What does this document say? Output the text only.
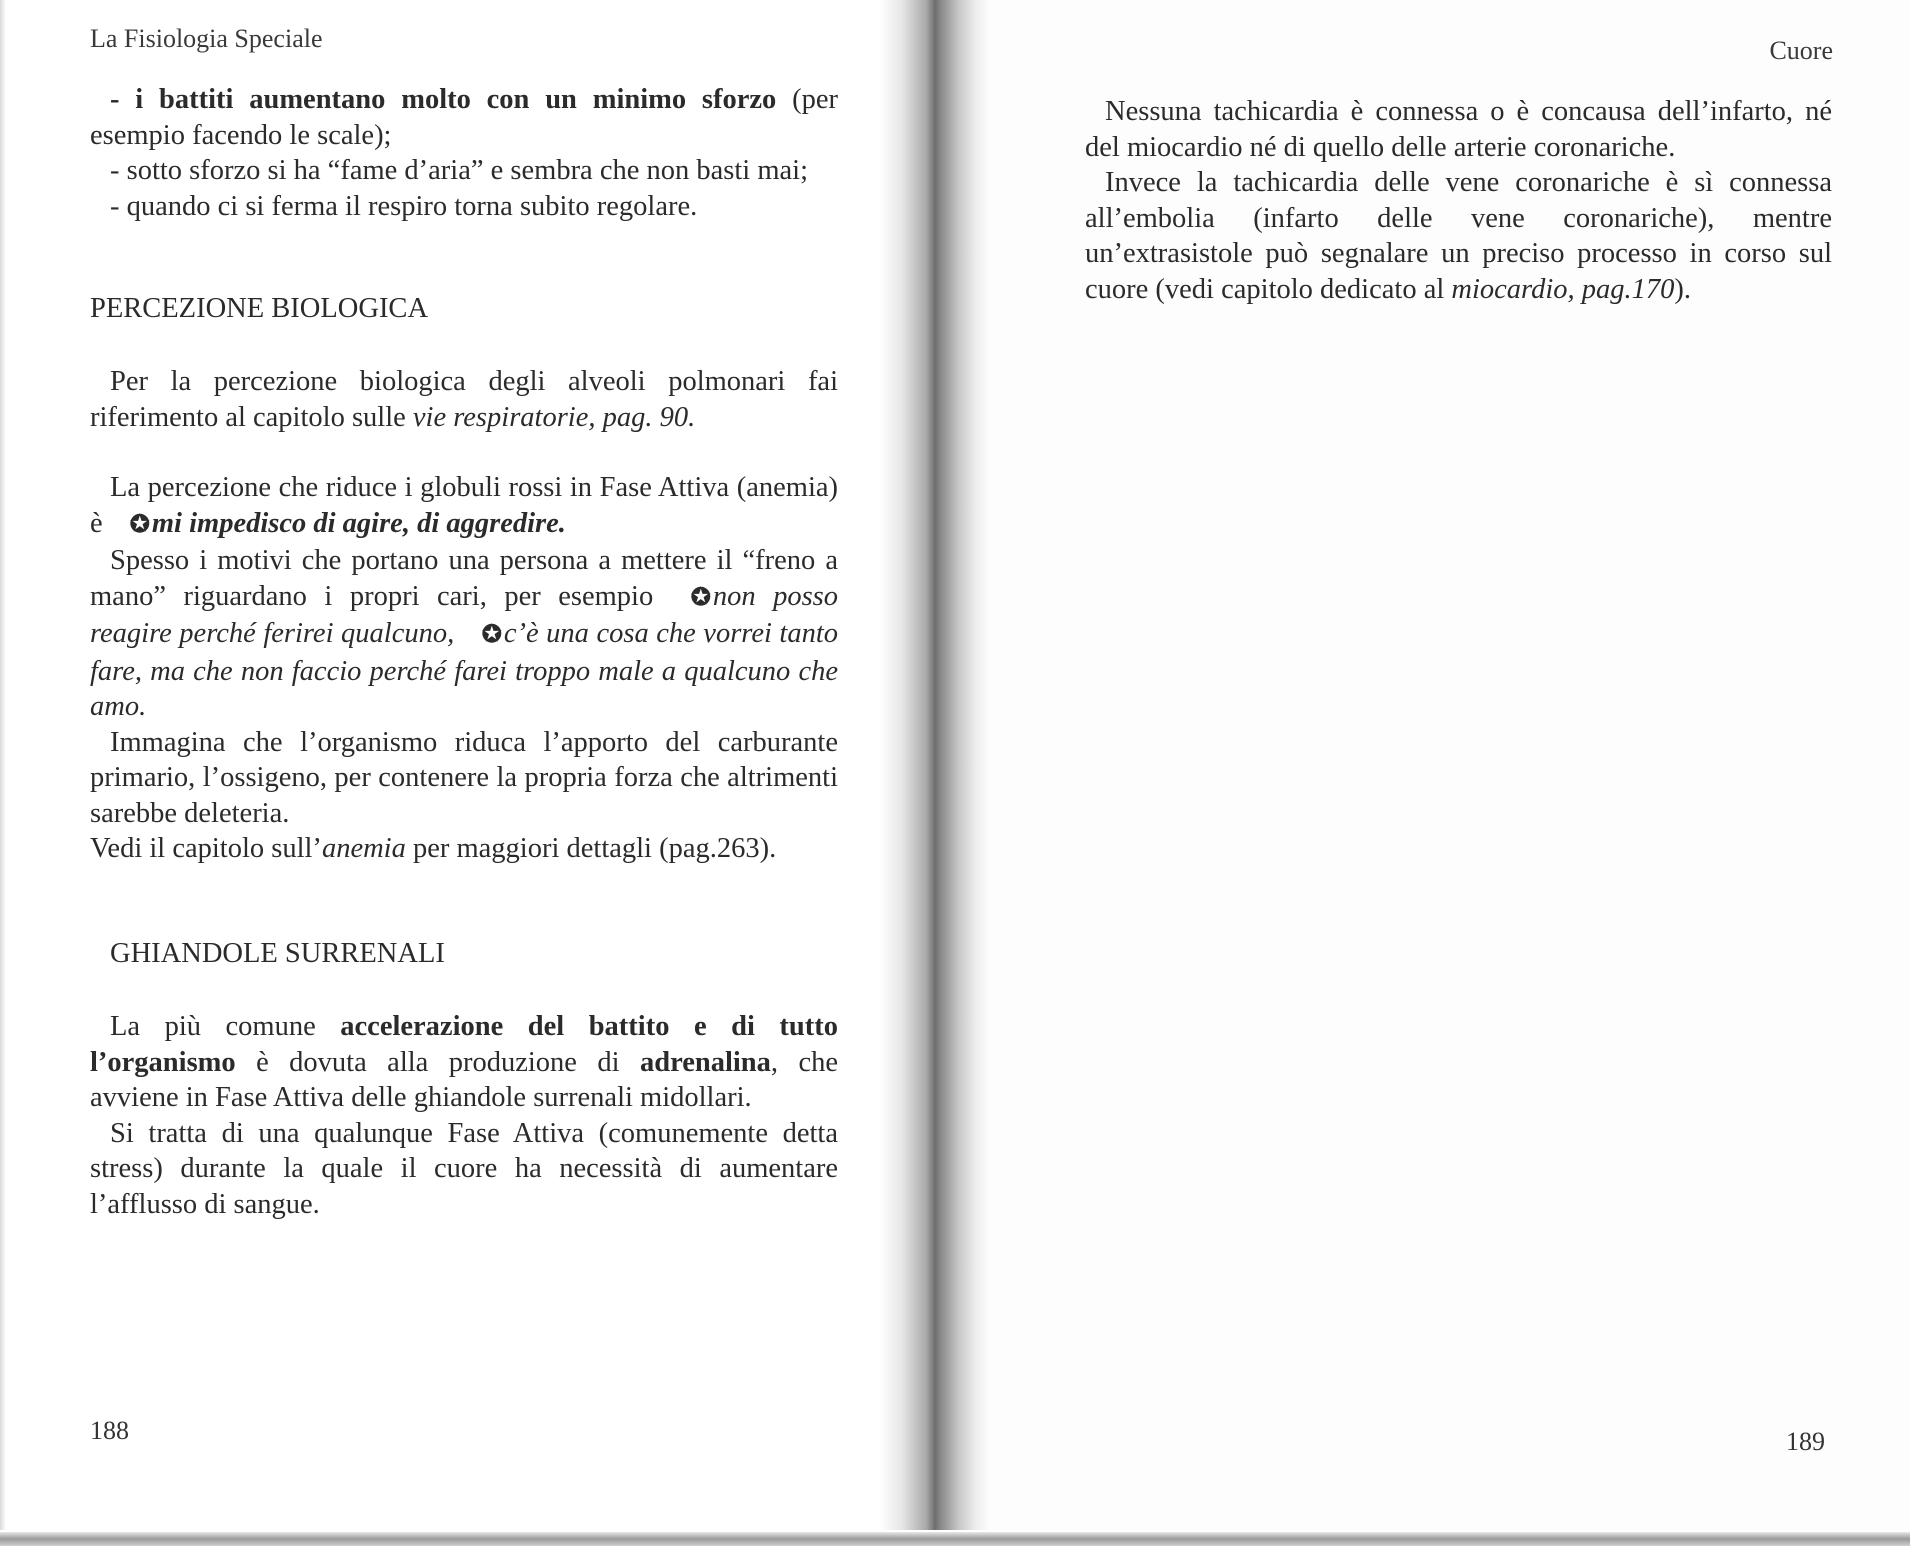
La Fisiologia Speciale

- i battiti aumentano molto con un minimo sforzo (per esempio facendo le scale);

- sotto sforzo si ha “fame d’aria” e sembra che non basti mai;

- quando ci si ferma il respiro torna subito regolare.

PERCEZIONE BIOLOGICA

Per la percezione biologica degli alveoli polmonari fai riferimento al capitolo sulle vie respiratorie, pag. 90.

La percezione che riduce i globuli rossi in Fase Attiva (anemia) è ✪mi impedisco di agire, di aggredire.

Spesso i motivi che portano una persona a mettere il “freno a mano” riguardano i propri cari, per esempio ✪non posso reagire perché ferirei qualcuno, ✪c’è una cosa che vorrei tanto fare, ma che non faccio perché farei troppo male a qualcuno che amo.

Immagina che l’organismo riduca l’apporto del carburante primario, l’ossigeno, per contenere la propria forza che altrimenti sarebbe deleteria.

Vedi il capitolo sull’anemia per maggiori dettagli (pag.263).

GHIANDOLE SURRENALI

La più comune accelerazione del battito e di tutto l’organismo è dovuta alla produzione di adrenalina, che avviene in Fase Attiva delle ghiandole surrenali midollari.

Si tratta di una qualunque Fase Attiva (comunemente detta stress) durante la quale il cuore ha necessità di aumentare l’afflusso di sangue.

188
Cuore

Nessuna tachicardia è connessa o è concausa dell’infarto, né del miocardio né di quello delle arterie coronariche.

Invece la tachicardia delle vene coronariche è sì connessa all’embolia (infarto delle vene coronariche), mentre un’extrasistole può segnalare un preciso processo in corso sul cuore (vedi capitolo dedicato al miocardio, pag.170).

189
